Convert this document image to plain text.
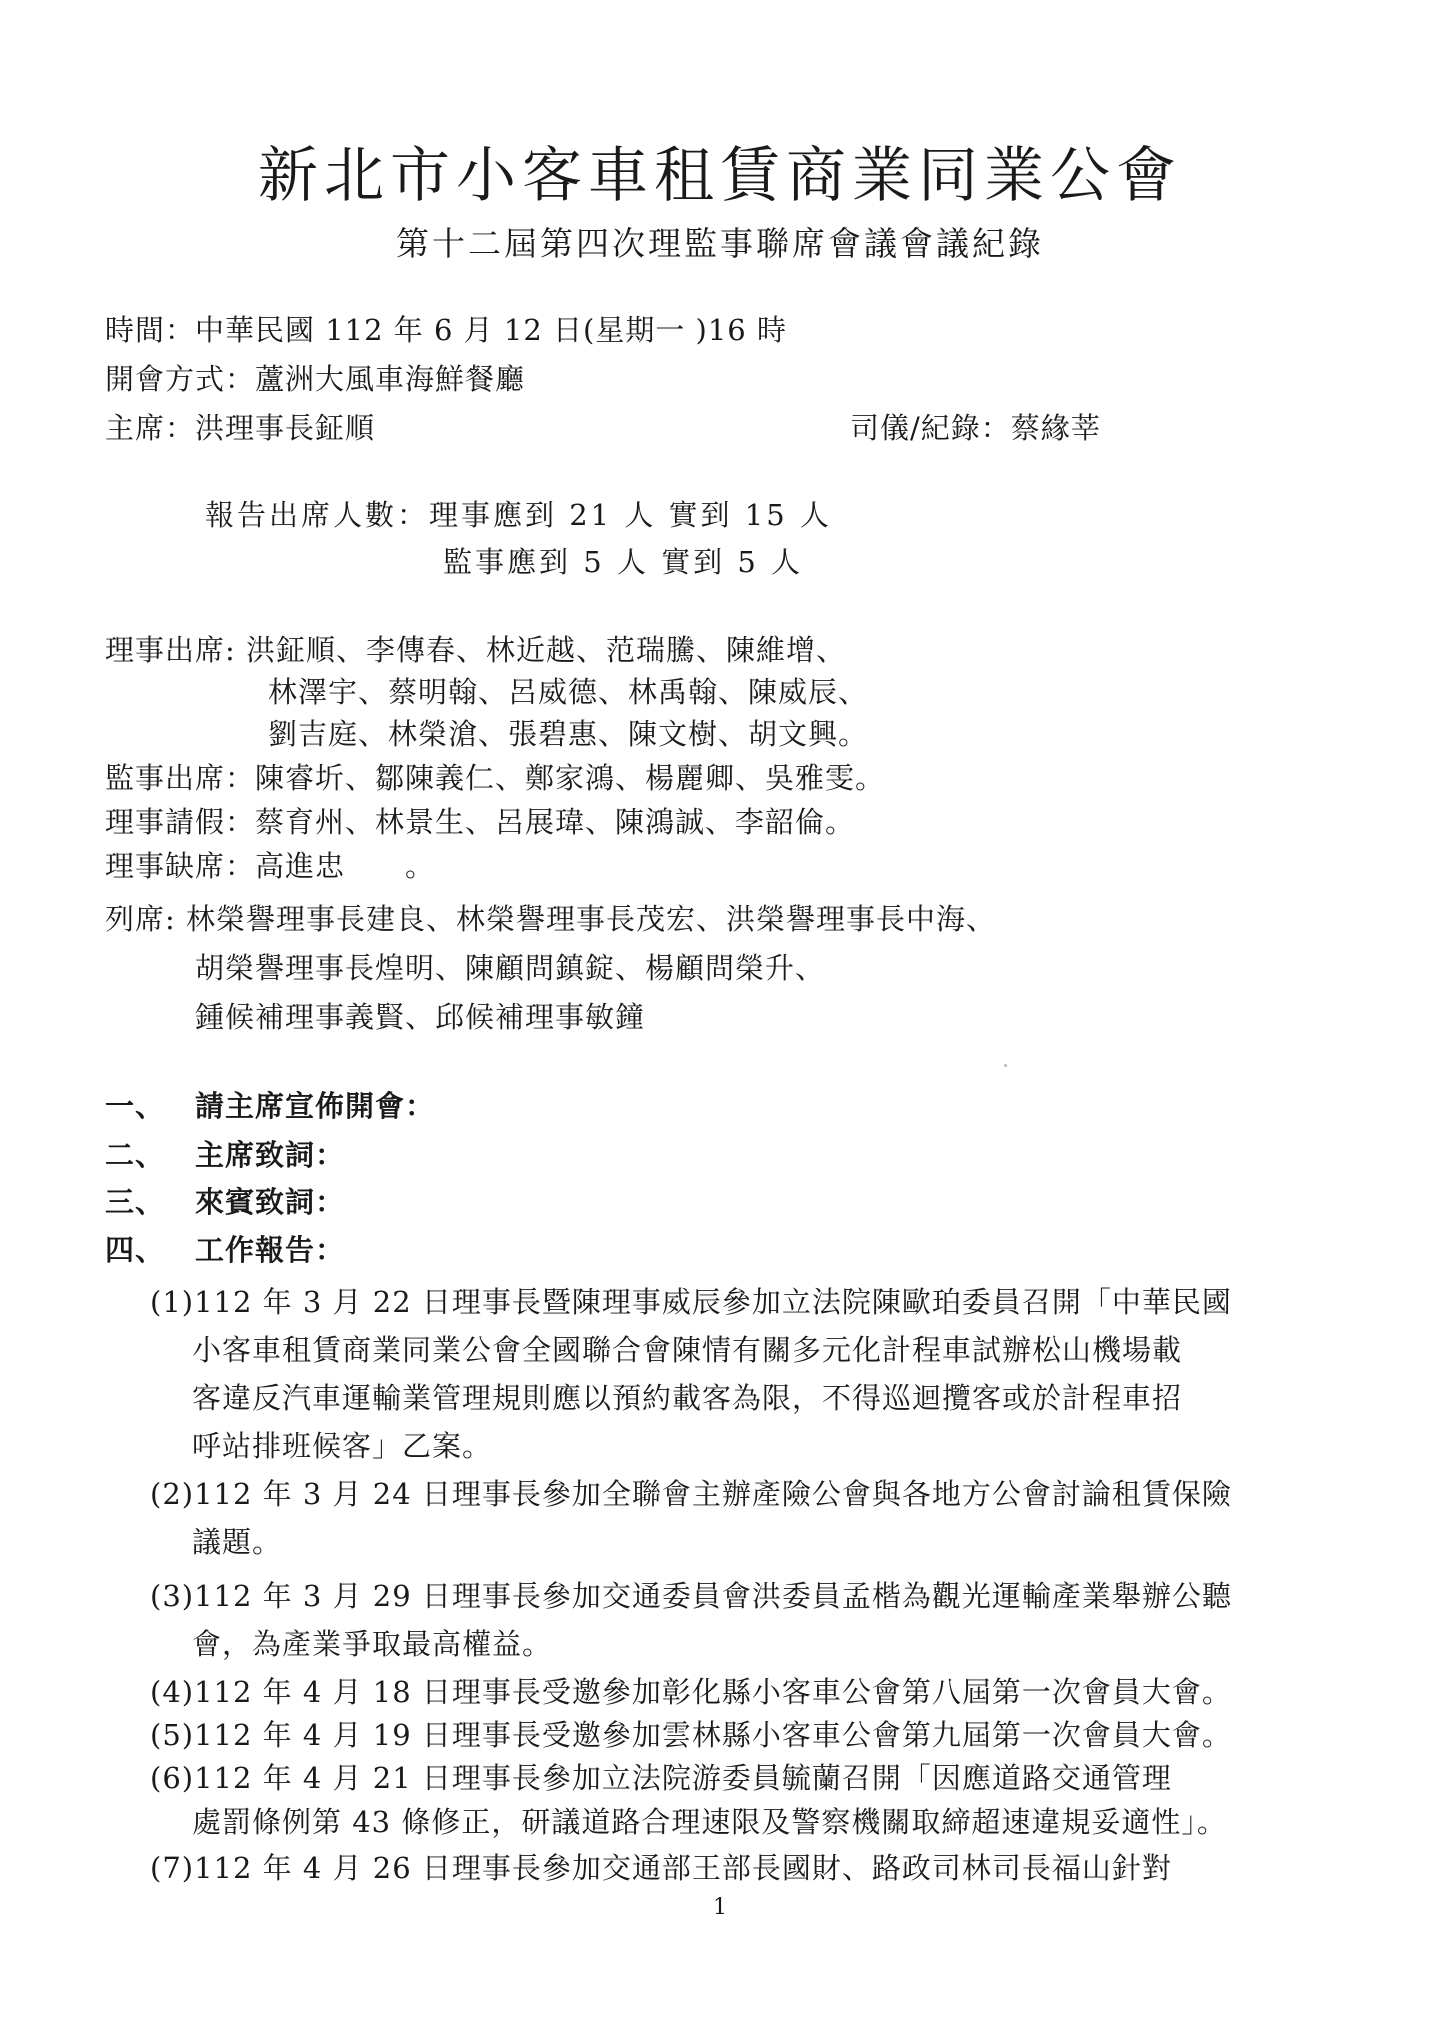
新北市小客車租賃商業同業公會
第十二屆第四次理監事聯席會議會議紀錄
時間：中華民國 112 年 6 月 12 日(星期一 )16 時
開會方式：蘆洲大風車海鮮餐廳
主席：洪理事長鉦順	司儀/紀錄：蔡緣莘
報告出席人數：理事應到 21 人 實到 15 人
監事應到 5 人 實到 5 人
理事出席: 洪鉦順、李傳春、林近越、范瑞騰、陳維增、
林澤宇、蔡明翰、呂威德、林禹翰、陳威辰、
劉吉庭、林榮滄、張碧惠、陳文樹、胡文興。
監事出席：陳睿圻、鄒陳義仁、鄭家鴻、楊麗卿、吳雅雯。
理事請假：蔡育州、林景生、呂展瑋、陳鴻誠、李韶倫。
理事缺席：高進忠　　。
列席: 林榮譽理事長建良、林榮譽理事長茂宏、洪榮譽理事長中海、
胡榮譽理事長煌明、陳顧問鎮錠、楊顧問榮升、
鍾候補理事義賢、邱候補理事敏鐘
一、 請主席宣佈開會：
二、 主席致詞：
三、 來賓致詞：
四、 工作報告：
(1)112 年 3 月 22 日理事長暨陳理事威辰參加立法院陳歐珀委員召開「中華民國
小客車租賃商業同業公會全國聯合會陳情有關多元化計程車試辦松山機場載
客違反汽車運輸業管理規則應以預約載客為限，不得巡迴攬客或於計程車招
呼站排班候客」乙案。
(2)112 年 3 月 24 日理事長參加全聯會主辦產險公會與各地方公會討論租賃保險
議題。
(3)112 年 3 月 29 日理事長參加交通委員會洪委員孟楷為觀光運輸產業舉辦公聽
會，為產業爭取最高權益。
(4)112 年 4 月 18 日理事長受邀參加彰化縣小客車公會第八屆第一次會員大會。
(5)112 年 4 月 19 日理事長受邀參加雲林縣小客車公會第九屆第一次會員大會。
(6)112 年 4 月 21 日理事長參加立法院游委員毓蘭召開「因應道路交通管理
處罰條例第 43 條修正，研議道路合理速限及警察機關取締超速違規妥適性」。
(7)112 年 4 月 26 日理事長參加交通部王部長國財、路政司林司長福山針對
1
